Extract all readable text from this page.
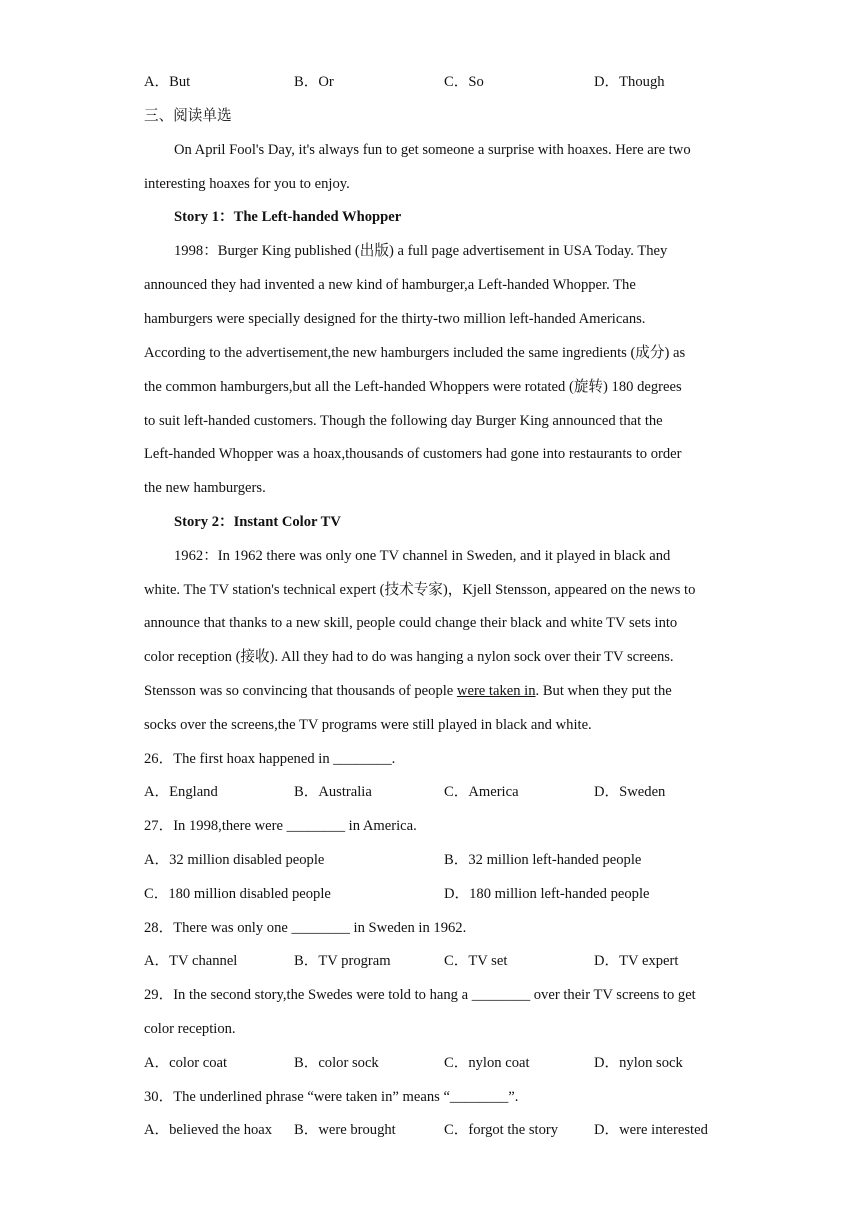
A．But	B．Or	C．So	D．Though
三、阅读单选
On April Fool's Day, it's always fun to get someone a surprise with hoaxes. Here are two
interesting hoaxes for you to enjoy.
Story 1：The Left-handed Whopper
1998：Burger King published (出版) a full page advertisement in USA Today. They
announced they had invented a new kind of hamburger,a Left-handed Whopper. The
hamburgers were specially designed for the thirty-two million left-handed Americans.
According to the advertisement,the new hamburgers included the same ingredients (成分) as
the common hamburgers,but all the Left-handed Whoppers were rotated (旋转) 180 degrees
to suit left-handed customers. Though the following day Burger King announced that the
Left-handed Whopper was a hoax,thousands of customers had gone into restaurants to order
the new hamburgers.
Story 2：Instant Color TV
1962：In 1962 there was only one TV channel in Sweden, and it played in black and
white. The TV station's technical expert (技术专家)，Kjell Stensson, appeared on the news to
announce that thanks to a new skill, people could change their black and white TV sets into
color reception (接收). All they had to do was hanging a nylon sock over their TV screens.
Stensson was so convincing that thousands of people were taken in. But when they put the
socks over the screens,the TV programs were still played in black and white.
26．The first hoax happened in ________.
A．England	B．Australia	C．America	D．Sweden
27．In 1998,there were ________ in America.
A．32 million disabled people	B．32 million left-handed people
C．180 million disabled people	D．180 million left-handed people
28．There was only one ________ in Sweden in 1962.
A．TV channel	B．TV program	C．TV set	D．TV expert
29．In the second story,the Swedes were told to hang a ________ over their TV screens to get
color reception.
A．color coat	B．color sock	C．nylon coat	D．nylon sock
30．The underlined phrase “were taken in” means “________”.
A．believed the hoax B．were brought	C．forgot the story D．were interested
